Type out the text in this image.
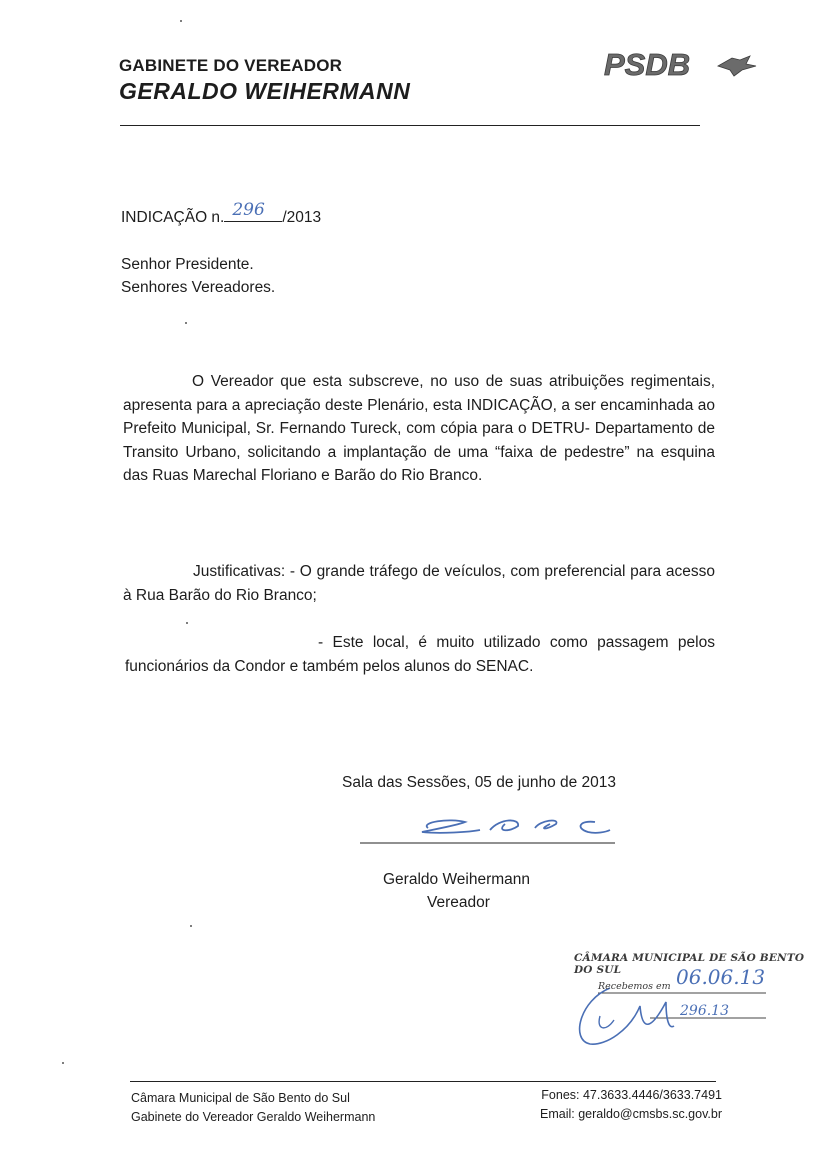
GABINETE DO VEREADOR
GERALDO WEIHERMANN
PSDB
INDICAÇÃO n. 296 /2013
Senhor Presidente.
Senhores Vereadores.
O Vereador que esta subscreve, no uso de suas atribuições regimentais, apresenta para a apreciação deste Plenário, esta INDICAÇÃO, a ser encaminhada ao Prefeito Municipal, Sr. Fernando Tureck, com cópia para o DETRU- Departamento de Transito Urbano, solicitando a implantação de uma “faixa de pedestre” na esquina das Ruas Marechal Floriano e Barão do Rio Branco.
Justificativas: - O grande tráfego de veículos, com preferencial para acesso à Rua Barão do Rio Branco;
- Este local, é muito utilizado como passagem pelos funcionários da Condor e também pelos alunos do SENAC.
Sala das Sessões, 05 de junho de 2013
Geraldo Weihermann
Vereador
CÂMARA MUNICIPAL DE SÃO BENTO DO SUL
Recebemos em 06.06.13
296.13
Câmara Municipal de São Bento do Sul
Gabinete do Vereador Geraldo Weihermann
Fones: 47.3633.4446/3633.7491
Email: geraldo@cmsbs.sc.gov.br
